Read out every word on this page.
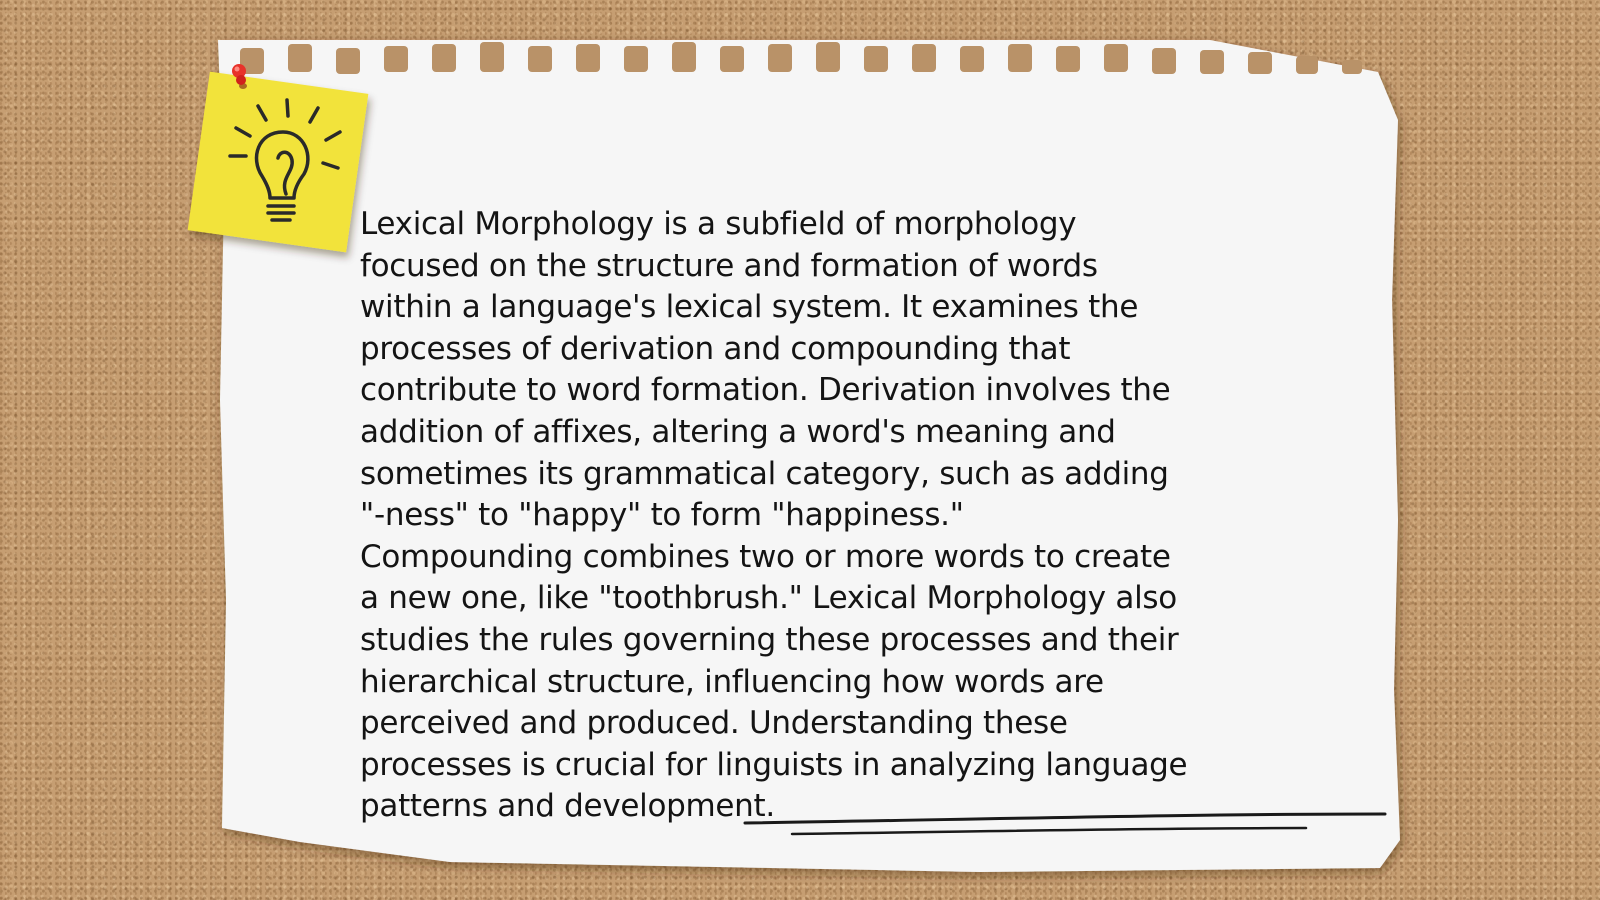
Lexical Morphology is a subfield of morphology
focused on the structure and formation of words
within a language's lexical system. It examines the
processes of derivation and compounding that
contribute to word formation. Derivation involves the
addition of affixes, altering a word's meaning and
sometimes its grammatical category, such as adding
"-ness" to "happy" to form "happiness."
Compounding combines two or more words to create
a new one, like "toothbrush." Lexical Morphology also
studies the rules governing these processes and their
hierarchical structure, influencing how words are
perceived and produced. Understanding these
processes is crucial for linguists in analyzing language
patterns and development.
